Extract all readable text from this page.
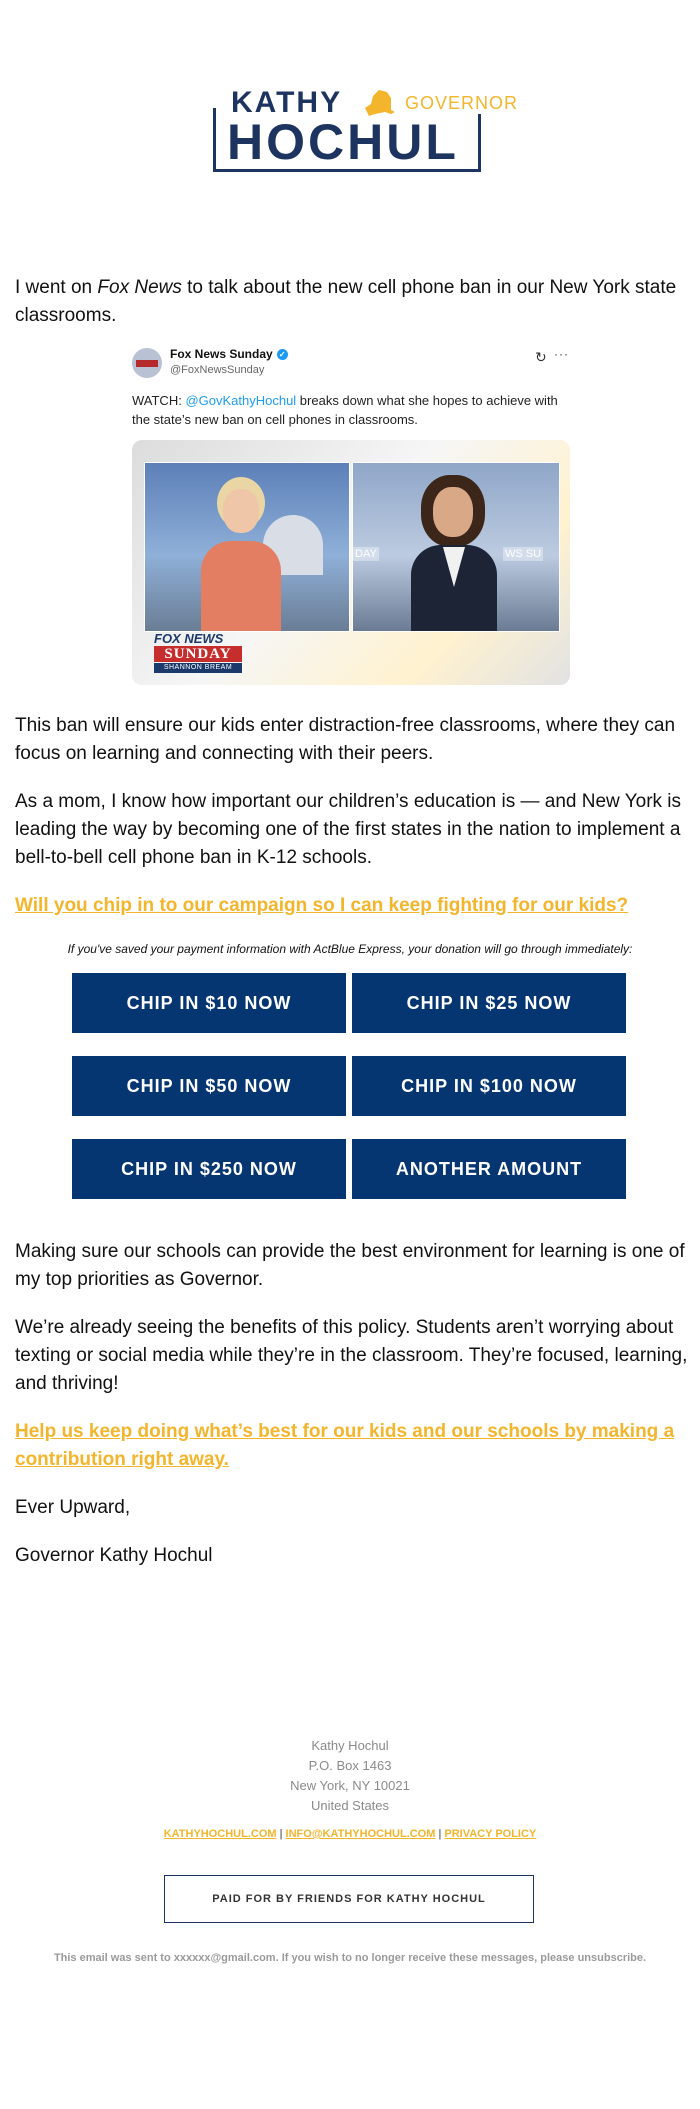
KATHY	GOVERNOR
HOCHUL

I went on Fox News to talk about the new cell phone ban in our New York state classrooms.

Fox News Sunday ✓
@FoxNewsSunday
↻ ···
WATCH: @GovKathyHochul breaks down what she hopes to achieve with the state’s new ban on cell phones in classrooms.
DAY	WS SU
FOX NEWS
SUNDAY
SHANNON BREAM

This ban will ensure our kids enter distraction-free classrooms, where they can focus on learning and connecting with their peers.

As a mom, I know how important our children’s education is — and New York is leading the way by becoming one of the first states in the nation to implement a bell-to-bell cell phone ban in K-12 schools.

Will you chip in to our campaign so I can keep fighting for our kids?
If you've saved your payment information with ActBlue Express, your donation will go through immediately:
CHIP IN $10 NOW	CHIP IN $25 NOW
CHIP IN $50 NOW	CHIP IN $100 NOW
CHIP IN $250 NOW	ANOTHER AMOUNT

Making sure our schools can provide the best environment for learning is one of my top priorities as Governor.

We’re already seeing the benefits of this policy. Students aren’t worrying about texting or social media while they’re in the classroom. They’re focused, learning, and thriving!

Help us keep doing what’s best for our kids and our schools by making a contribution right away.

Ever Upward,

Governor Kathy Hochul

Kathy Hochul
P.O. Box 1463
New York, NY 10021
United States
KATHYHOCHUL.COM | INFO@KATHYHOCHUL.COM | PRIVACY POLICY
PAID FOR BY FRIENDS FOR KATHY HOCHUL
This email was sent to xxxxxx@gmail.com. If you wish to no longer receive these messages, please unsubscribe.
